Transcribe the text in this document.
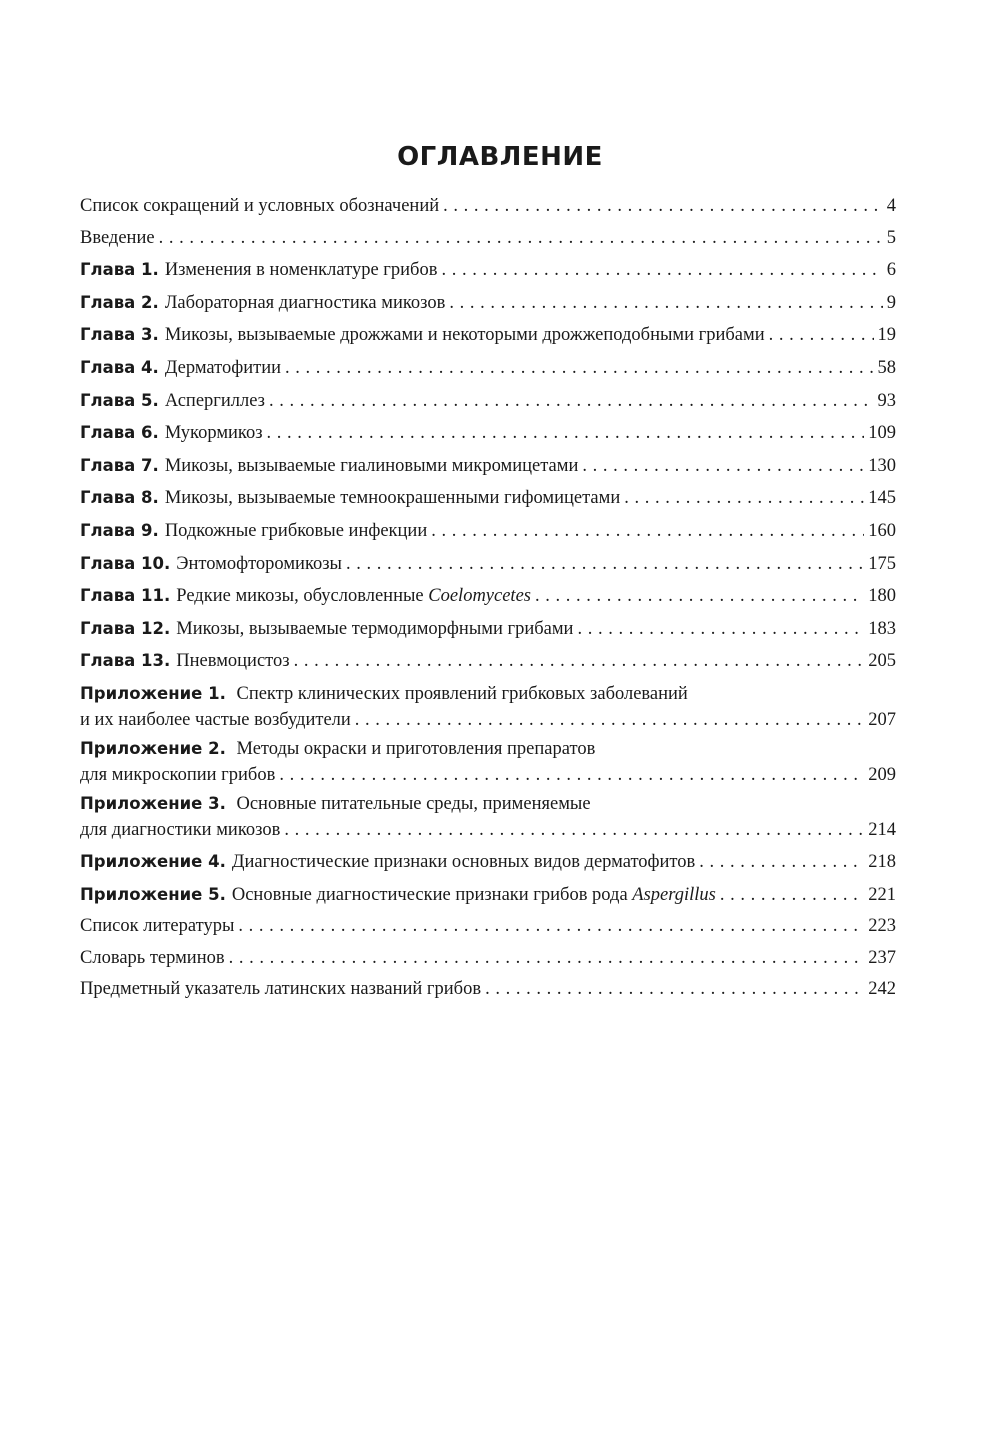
ОГЛАВЛЕНИЕ
Список сокращений и условных обозначений . . .	4
Введение . . .	5
Глава 1. Изменения в номенклатуре грибов . . .	6
Глава 2. Лабораторная диагностика микозов . . .	9
Глава 3. Микозы, вызываемые дрожжами и некоторыми дрожжеподобными грибами . . .	19
Глава 4. Дерматофитии . . .	58
Глава 5. Аспергиллез . . .	93
Глава 6. Мукормикоз . . .	109
Глава 7. Микозы, вызываемые гиалиновыми микромицетами . . .	130
Глава 8. Микозы, вызываемые темноокрашенными гифомицетами . . .	145
Глава 9. Подкожные грибковые инфекции . . .	160
Глава 10. Энтомофторомикозы . . .	175
Глава 11. Редкие микозы, обусловленные
Coelomycetes . . .	180
Глава 12. Микозы, вызываемые термодиморфными грибами . . .	183
Глава 13. Пневмоцистоз . . .	205
Приложение 1. Спектр клинических проявлений грибковых заболеваний
и их наиболее частые возбудители . . .	207
Приложение 2. Методы окраски и приготовления препаратов
для микроскопии грибов . . .	209
Приложение 3. Основные питательные среды, применяемые
для диагностики микозов . . .	214
Приложение 4. Диагностические признаки основных видов дерматофитов . . .	218
Приложение 5. Основные диагностические признаки грибов рода
Aspergillus . . .	221
Список литературы . . .	223
Словарь терминов . . .	237
Предметный указатель латинских названий грибов . . .	242
